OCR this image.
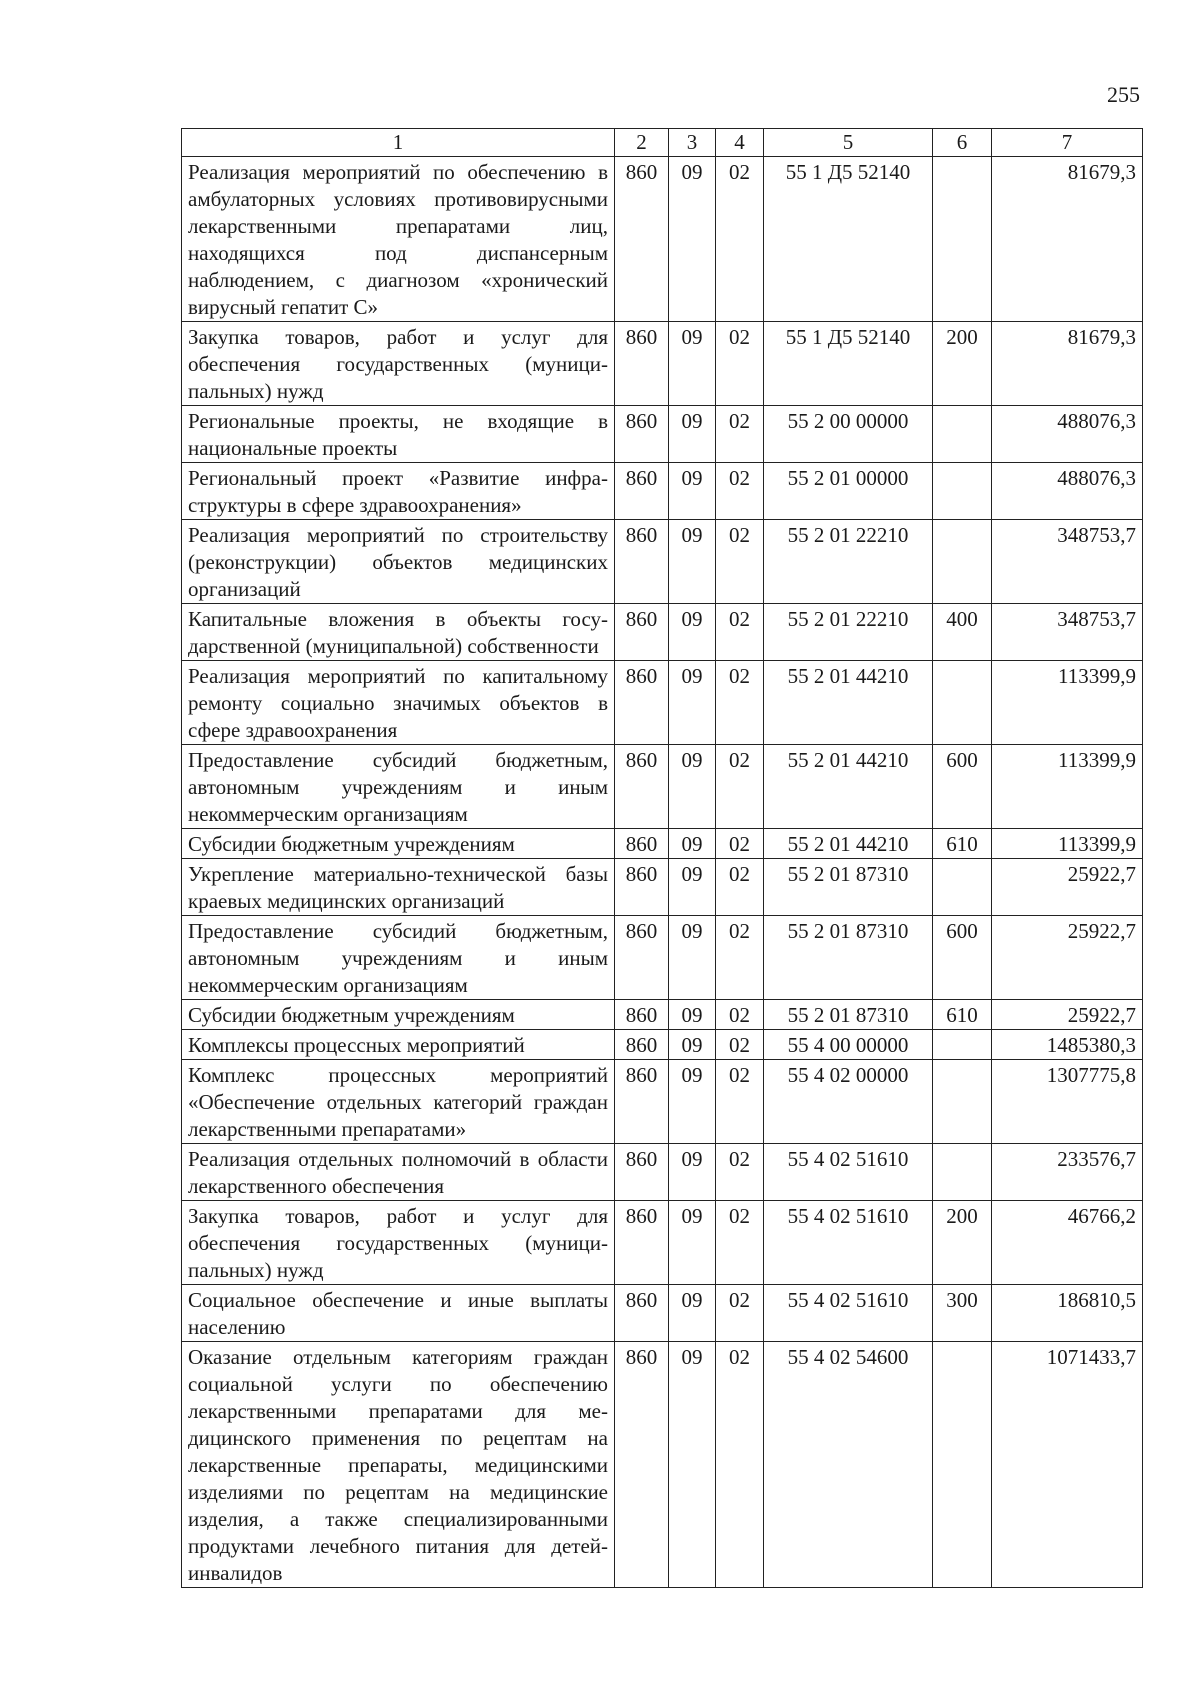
255
1	2	3	4	5	6	7
Реализация мероприятий по обеспечению в амбулаторных условиях противовирусными лекарственными препаратами лиц, находящихся под диспансерным наблюдением, с диагнозом «хронический вирусный гепатит С»	860	09	02	55 1 Д5 52140		81679,3
Закупка товаров, работ и услуг для обеспечения государственных (муниципальных) нужд	860	09	02	55 1 Д5 52140	200	81679,3
Региональные проекты, не входящие в национальные проекты	860	09	02	55 2 00 00000		488076,3
Региональный проект «Развитие инфраструктуры в сфере здравоохранения»	860	09	02	55 2 01 00000		488076,3
Реализация мероприятий по строительству (реконструкции) объектов медицинских организаций	860	09	02	55 2 01 22210		348753,7
Капитальные вложения в объекты государственной (муниципальной) собственности	860	09	02	55 2 01 22210	400	348753,7
Реализация мероприятий по капитальному ремонту социально значимых объектов в сфере здравоохранения	860	09	02	55 2 01 44210		113399,9
Предоставление субсидий бюджетным, автономным учреждениям и иным некоммерческим организациям	860	09	02	55 2 01 44210	600	113399,9
Субсидии бюджетным учреждениям	860	09	02	55 2 01 44210	610	113399,9
Укрепление материально-технической базы краевых медицинских организаций	860	09	02	55 2 01 87310		25922,7
Предоставление субсидий бюджетным, автономным учреждениям и иным некоммерческим организациям	860	09	02	55 2 01 87310	600	25922,7
Субсидии бюджетным учреждениям	860	09	02	55 2 01 87310	610	25922,7
Комплексы процессных мероприятий	860	09	02	55 4 00 00000		1485380,3
Комплекс процессных мероприятий «Обеспечение отдельных категорий граждан лекарственными препаратами»	860	09	02	55 4 02 00000		1307775,8
Реализация отдельных полномочий в области лекарственного обеспечения	860	09	02	55 4 02 51610		233576,7
Закупка товаров, работ и услуг для обеспечения государственных (муниципальных) нужд	860	09	02	55 4 02 51610	200	46766,2
Социальное обеспечение и иные выплаты населению	860	09	02	55 4 02 51610	300	186810,5
Оказание отдельным категориям граждан социальной услуги по обеспечению лекарственными препаратами для медицинского применения по рецептам на лекарственные препараты, медицинскими изделиями по рецептам на медицинские изделия, а также специализированными продуктами лечебного питания для детей-инвалидов	860	09	02	55 4 02 54600		1071433,7
